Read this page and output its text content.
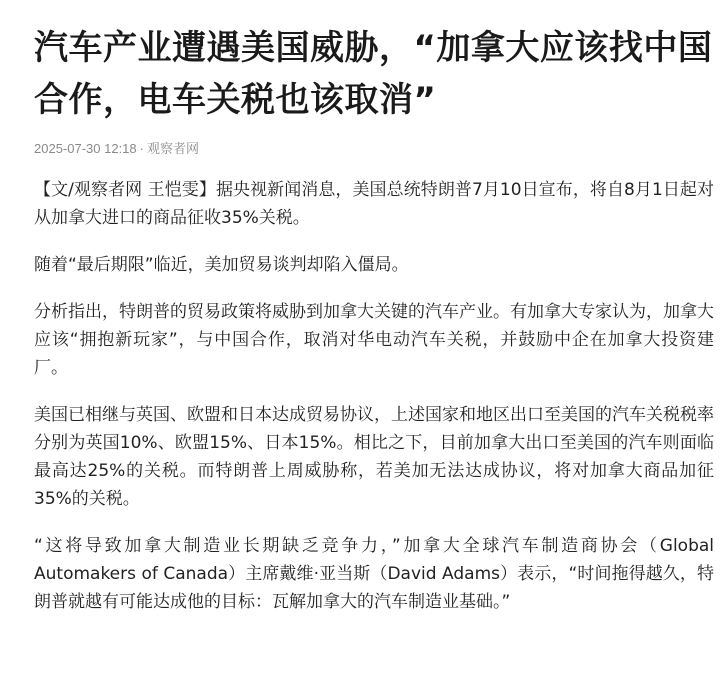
汽车产业遭遇美国威胁，“加拿大应该找中国合作，电车关税也该取消”
2025-07-30 12:18 · 观察者网

【文/观察者网 王恺雯】据央视新闻消息，美国总统特朗普7月10日宣布，将自8月1日起对从加拿大进口的商品征收35%关税。

随着“最后期限”临近，美加贸易谈判却陷入僵局。

分析指出，特朗普的贸易政策将威胁到加拿大关键的汽车产业。有加拿大专家认为，加拿大应该“拥抱新玩家”，与中国合作，取消对华电动汽车关税，并鼓励中企在加拿大投资建厂。

美国已相继与英国、欧盟和日本达成贸易协议，上述国家和地区出口至美国的汽车关税税率分别为英国10%、欧盟15%、日本15%。相比之下，目前加拿大出口至美国的汽车则面临最高达25%的关税。而特朗普上周威胁称，若美加无法达成协议，将对加拿大商品加征35%的关税。

“这将导致加拿大制造业长期缺乏竞争力，”加拿大全球汽车制造商协会（Global Automakers of Canada）主席戴维·亚当斯（David Adams）表示，“时间拖得越久，特朗普就越有可能达成他的目标：瓦解加拿大的汽车制造业基础。”
